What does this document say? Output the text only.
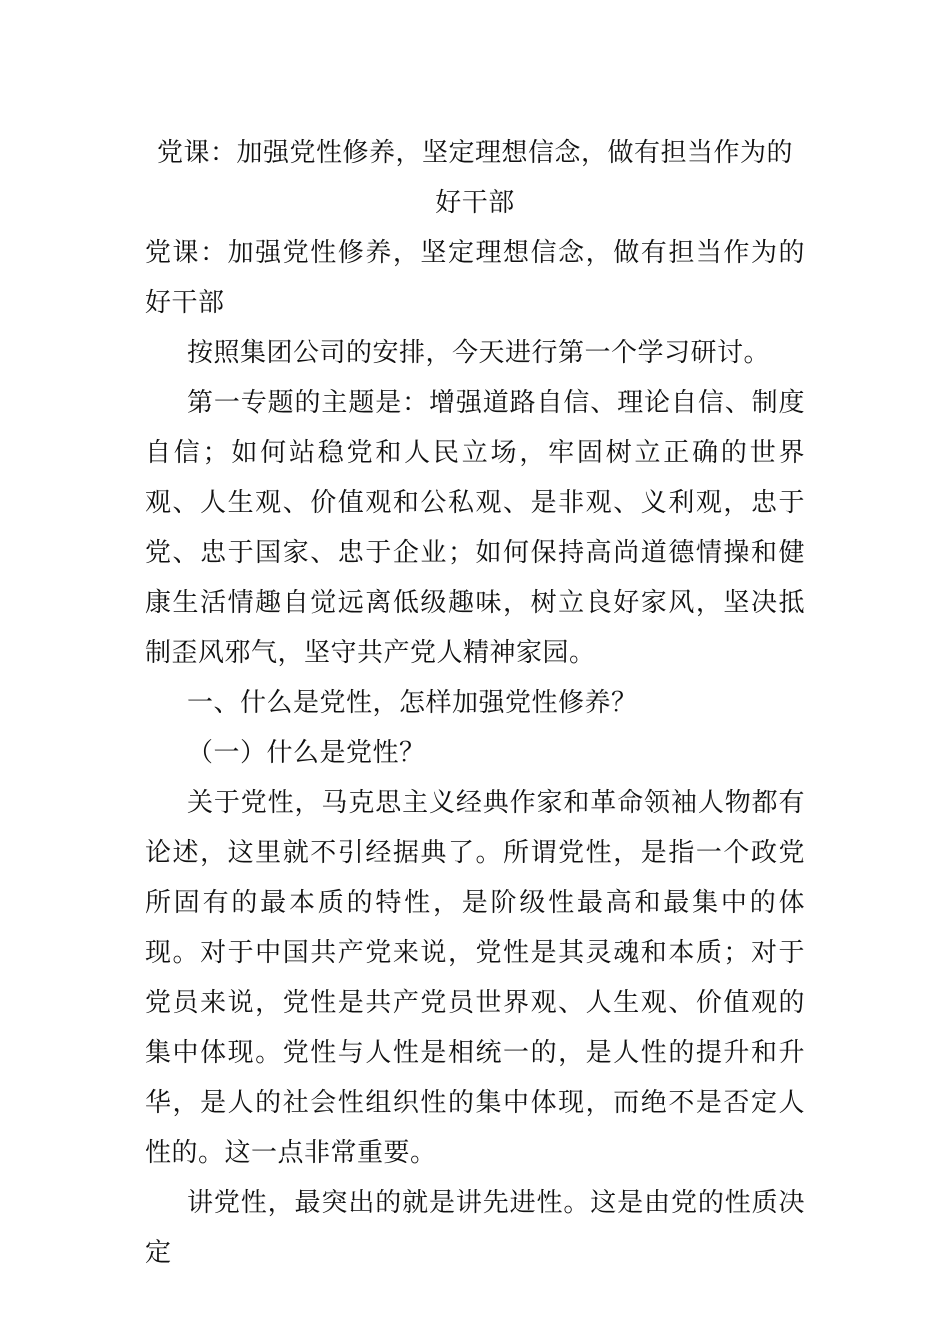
党课：加强党性修养，坚定理想信念，做有担当作为的好干部

党课：加强党性修养，坚定理想信念，做有担当作为的好干部

按照集团公司的安排，今天进行第一个学习研讨。

第一专题的主题是：增强道路自信、理论自信、制度自信；如何站稳党和人民立场，牢固树立正确的世界观、人生观、价值观和公私观、是非观、义利观，忠于党、忠于国家、忠于企业；如何保持高尚道德情操和健康生活情趣自觉远离低级趣味，树立良好家风，坚决抵制歪风邪气，坚守共产党人精神家园。

一、什么是党性，怎样加强党性修养？

（一）什么是党性？

关于党性，马克思主义经典作家和革命领袖人物都有论述，这里就不引经据典了。所谓党性，是指一个政党所固有的最本质的特性，是阶级性最高和最集中的体现。对于中国共产党来说，党性是其灵魂和本质；对于党员来说，党性是共产党员世界观、人生观、价值观的集中体现。党性与人性是相统一的，是人性的提升和升华，是人的社会性组织性的集中体现，而绝不是否定人性的。这一点非常重要。

讲党性，最突出的就是讲先进性。这是由党的性质决定
